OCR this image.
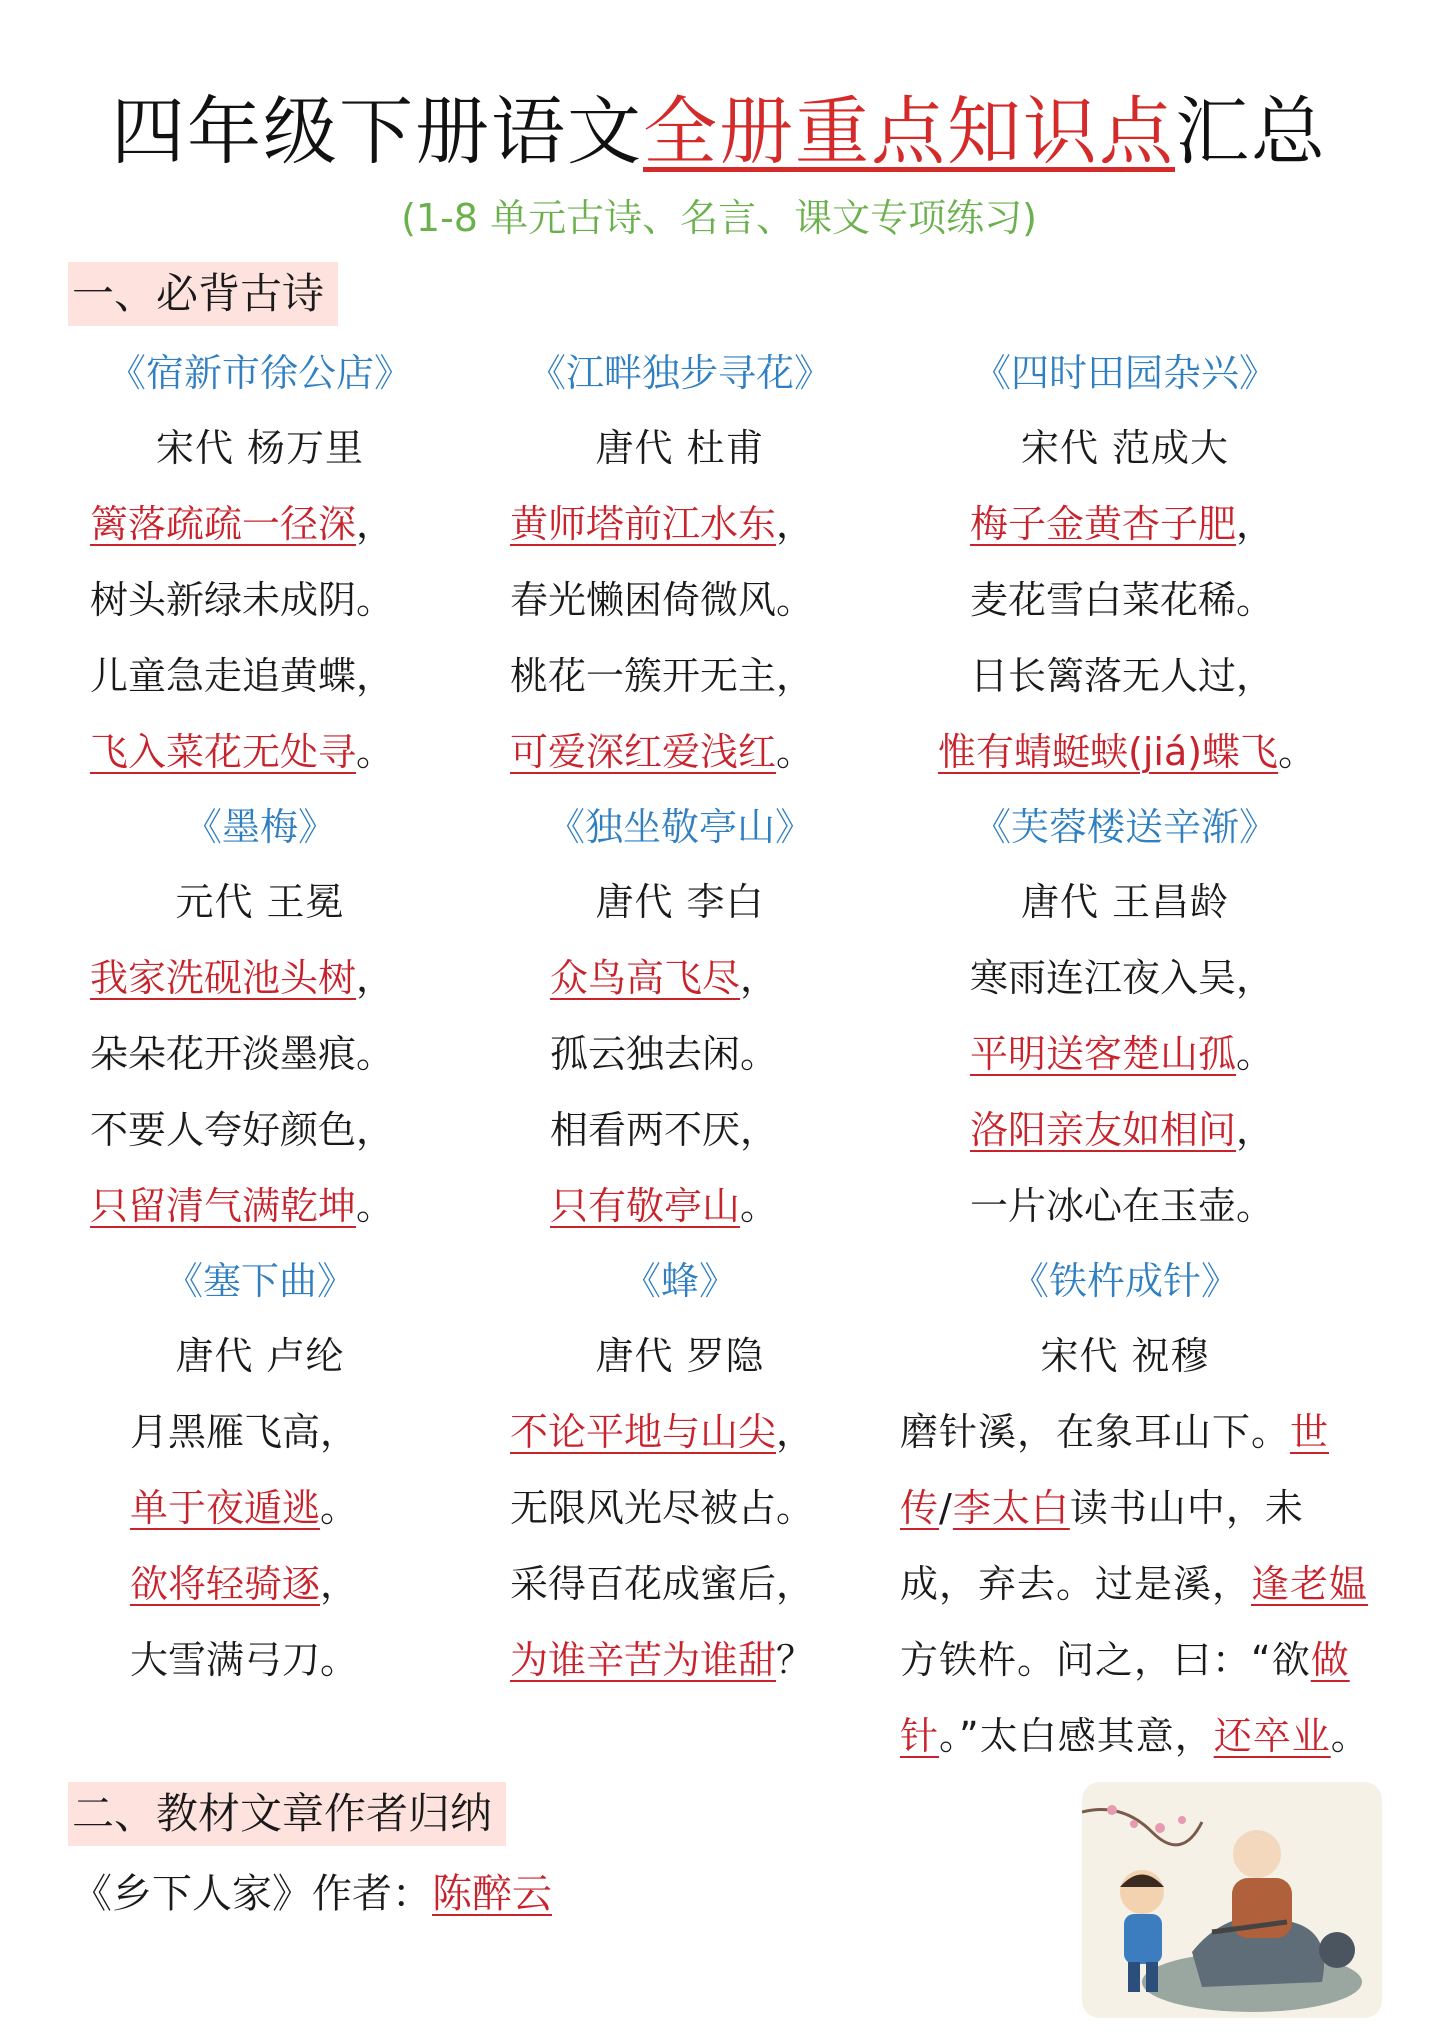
四年级下册语文全册重点知识点汇总
(1-8 单元古诗、名言、课文专项练习)
一、必背古诗
《宿新市徐公店》
宋代 杨万里
篱落疏疏一径深，
树头新绿未成阴。
儿童急走追黄蝶，
飞入菜花无处寻。
《墨梅》
元代 王冕
我家洗砚池头树，
朵朵花开淡墨痕。
不要人夸好颜色，
只留清气满乾坤。
《塞下曲》
唐代 卢纶
月黑雁飞高，
单于夜遁逃。
欲将轻骑逐，
大雪满弓刀。
《江畔独步寻花》
唐代 杜甫
黄师塔前江水东，
春光懒困倚微风。
桃花一簇开无主，
可爱深红爱浅红。
《独坐敬亭山》
唐代 李白
众鸟高飞尽，
孤云独去闲。
相看两不厌，
只有敬亭山。
《蜂》
唐代 罗隐
不论平地与山尖，
无限风光尽被占。
采得百花成蜜后，
为谁辛苦为谁甜？
《四时田园杂兴》
宋代 范成大
梅子金黄杏子肥，
麦花雪白菜花稀。
日长篱落无人过，
惟有蜻蜓蛱(jiá)蝶飞。
《芙蓉楼送辛渐》
唐代 王昌龄
寒雨连江夜入吴，
平明送客楚山孤。
洛阳亲友如相问，
一片冰心在玉壶。
《铁杵成针》
宋代 祝穆
磨针溪，在象耳山下。世传/李太白读书山中，未成，弃去。过是溪，逢老媪方铁杵。问之，曰：“欲做针。”太白感其意，还卒业。
二、教材文章作者归纳
《乡下人家》作者：陈醉云
